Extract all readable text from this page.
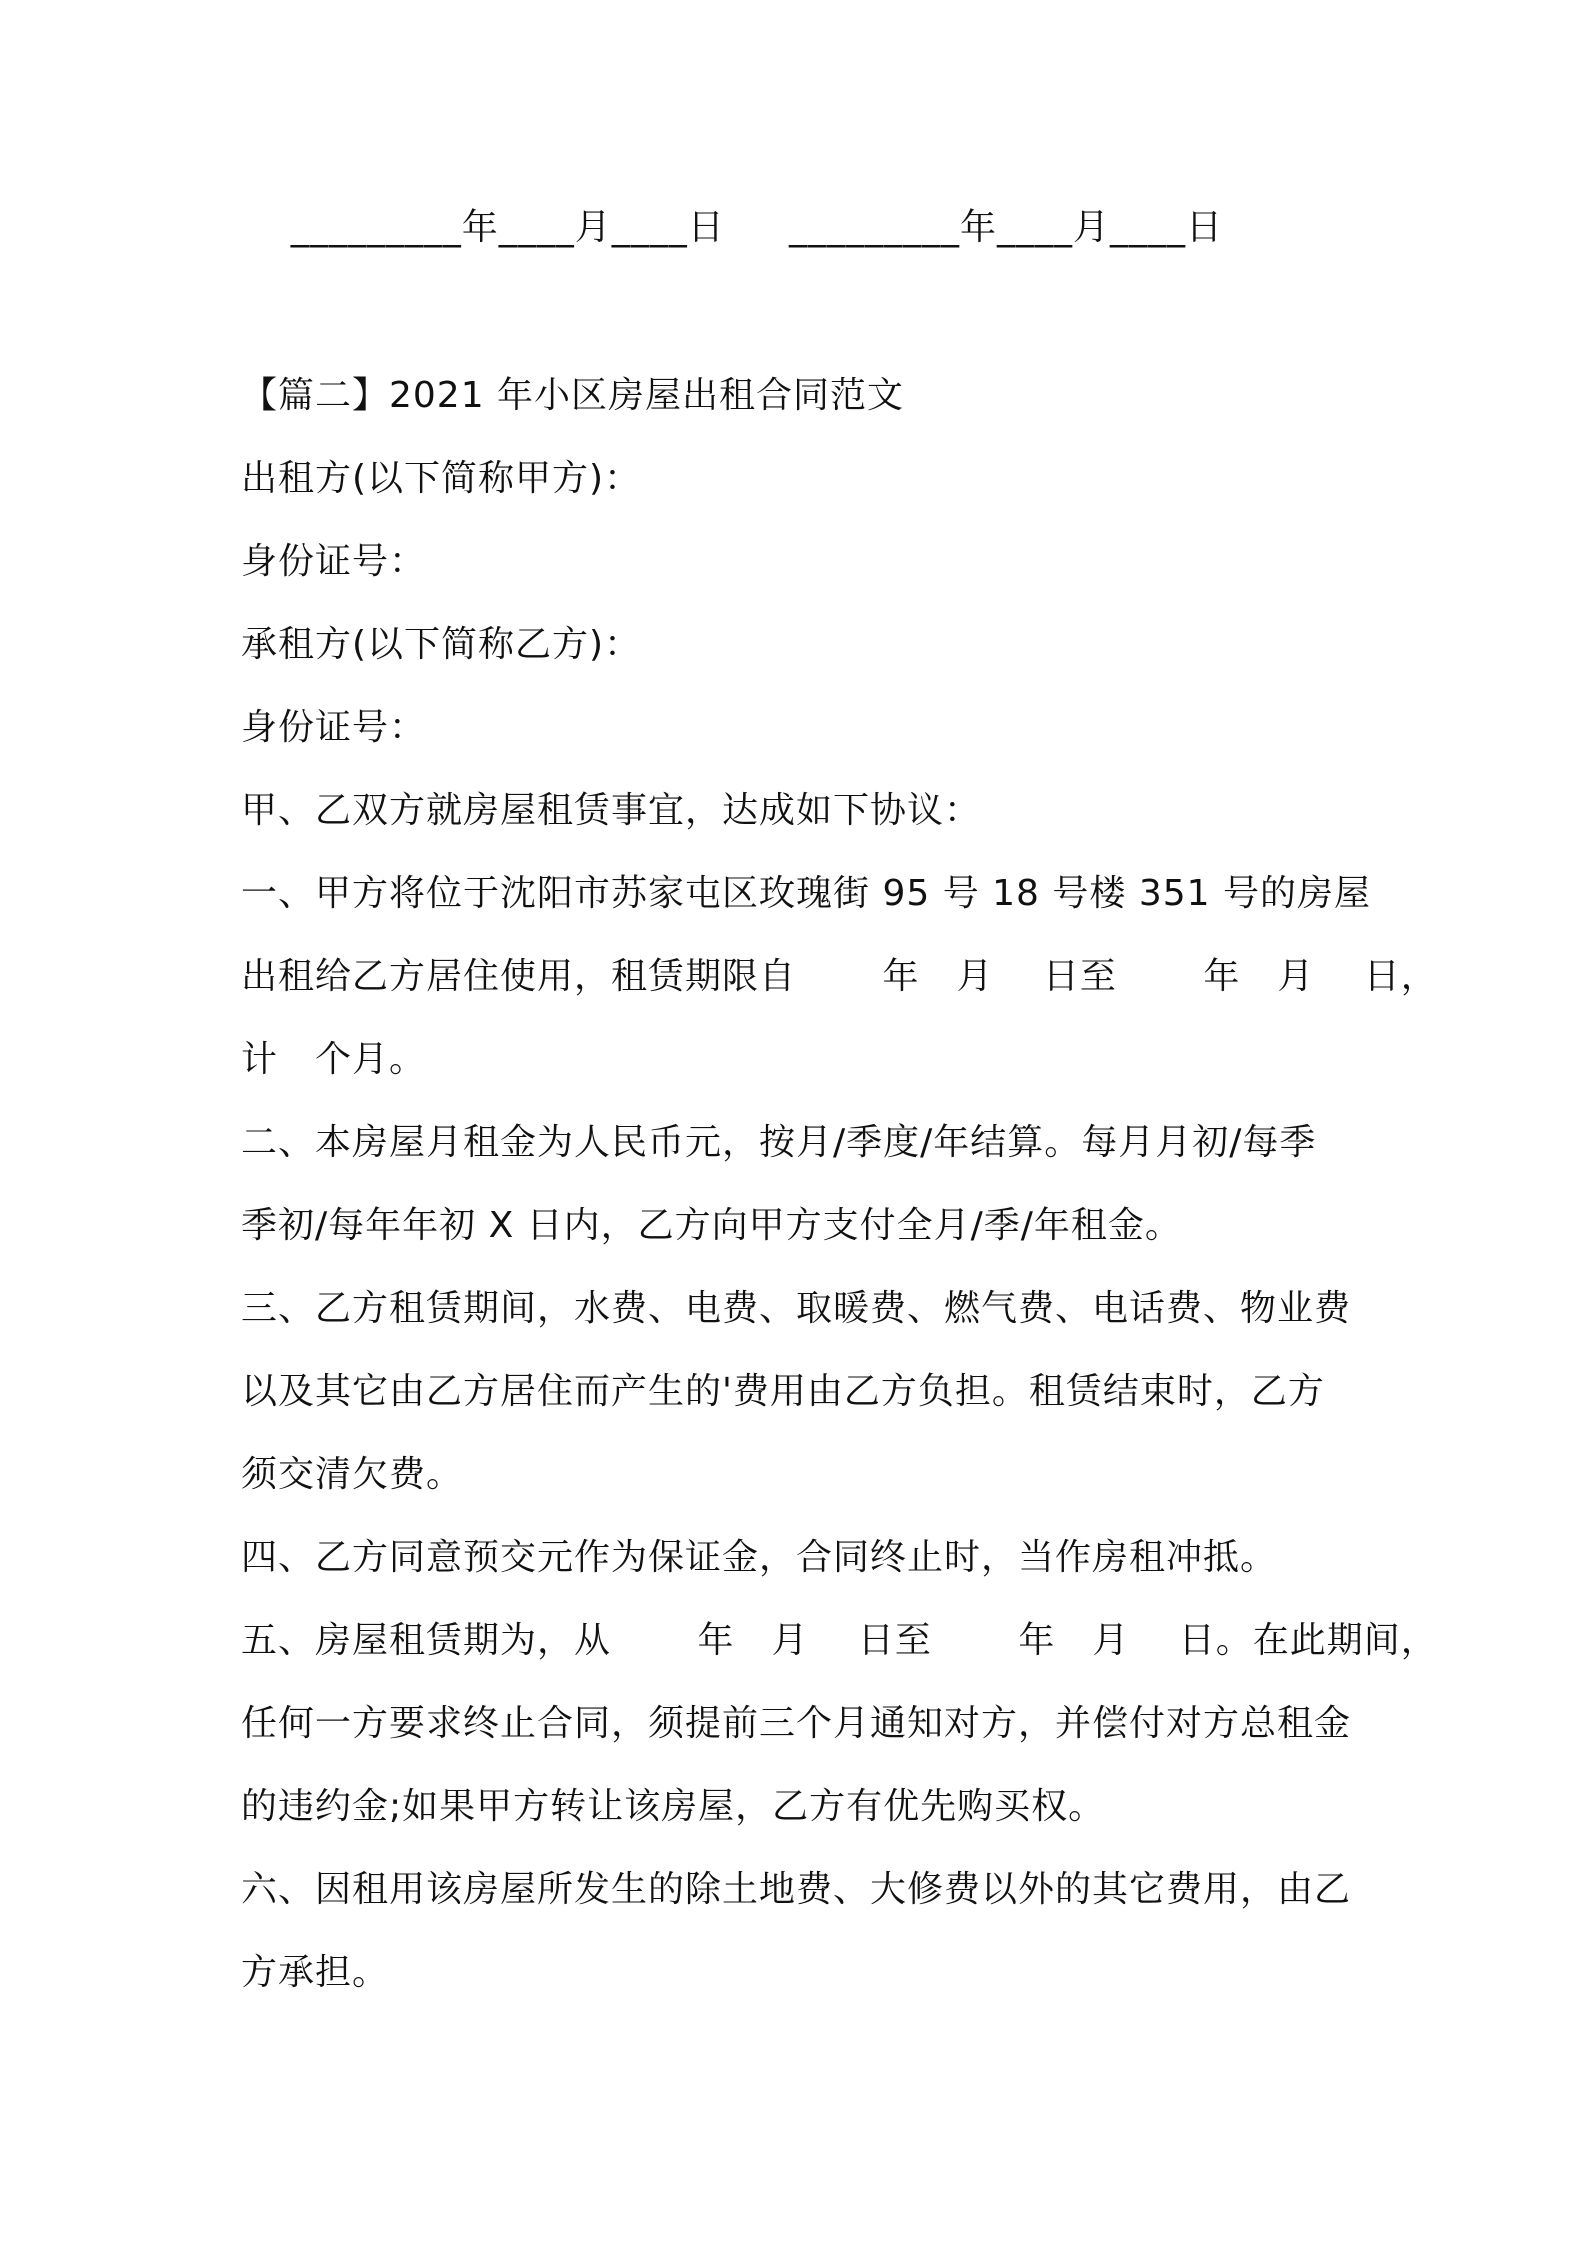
_________年____月____日

_________年____月____日

【篇二】2021 年小区房屋出租合同范文

出租方(以下简称甲方)：

身份证号：

承租方(以下简称乙方)：

身份证号：

甲、乙双方就房屋租赁事宜，达成如下协议：

一、甲方将位于沈阳市苏家屯区玫瑰街 95 号 18 号楼 351 号的房屋

出租给乙方居住使用，租赁期限自　　 年　月　 日至　　 年　月　 日，

计　个月。

二、本房屋月租金为人民币元，按月/季度/年结算。每月月初/每季

季初/每年年初 X 日内，乙方向甲方支付全月/季/年租金。

三、乙方租赁期间，水费、电费、取暖费、燃气费、电话费、物业费

以及其它由乙方居住而产生的'费用由乙方负担。租赁结束时，乙方

须交清欠费。

四、乙方同意预交元作为保证金，合同终止时，当作房租冲抵。

五、房屋租赁期为，从　　 年　月　 日至　　 年　月　 日。在此期间，

任何一方要求终止合同，须提前三个月通知对方，并偿付对方总租金

的违约金;如果甲方转让该房屋，乙方有优先购买权。

六、因租用该房屋所发生的除土地费、大修费以外的其它费用，由乙

方承担。
